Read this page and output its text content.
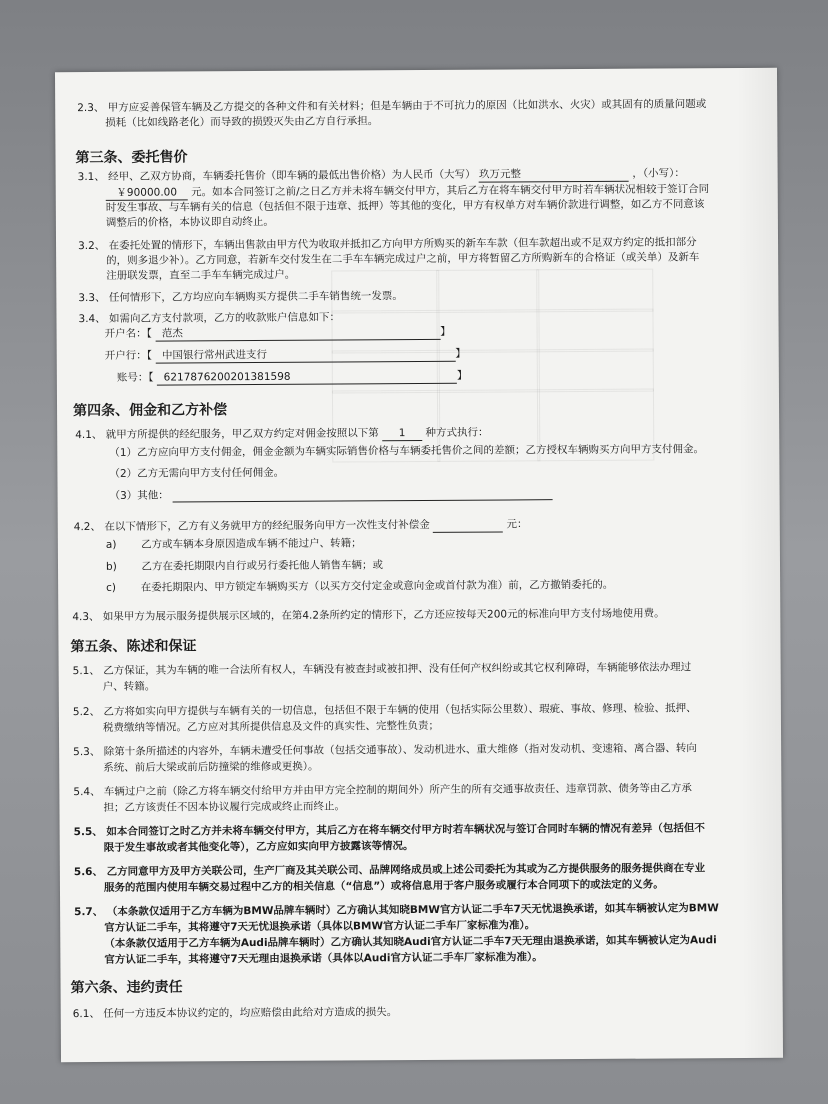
2.3、 甲方应妥善保管车辆及乙方提交的各种文件和有关材料；但是车辆由于不可抗力的原因（比如洪水、火灾）或其固有的质量问题或
损耗（比如线路老化）而导致的损毁灭失由乙方自行承担。
第三条、委托售价
3.1、 经甲、乙双方协商，车辆委托售价（即车辆的最低出售价格）为人民币（大写） 玖万元整	，（小写）：
￥90000.00 元。如本合同签订之前/之日乙方并未将车辆交付甲方，其后乙方在将车辆交付甲方时若车辆状况相较于签订合同
时发生事故、与车辆有关的信息（包括但不限于违章、抵押）等其他的变化，甲方有权单方对车辆价款进行调整，如乙方不同意该
调整后的价格，本协议即自动终止。
3.2、 在委托处置的情形下，车辆出售款由甲方代为收取并抵扣乙方向甲方所购买的新车车款（但车款超出或不足双方约定的抵扣部分
的，则多退少补）。乙方同意，若新车交付发生在二手车车辆完成过户之前，甲方将暂留乙方所购新车的合格证（或关单）及新车
注册联发票，直至二手车车辆完成过户。
3.3、 任何情形下，乙方均应向车辆购买方提供二手车销售统一发票。
3.4、 如需向乙方支付款项，乙方的收款账户信息如下：
开户名：【 范杰	】
开户行：【 中国银行常州武进支行	】
账号：【 6217876200201381598	】
第四条、佣金和乙方补偿
4.1、 就甲方所提供的经纪服务，甲乙双方约定对佣金按照以下第 1 种方式执行：
（1）乙方应向甲方支付佣金，佣金金额为车辆实际销售价格与车辆委托售价之间的差额；乙方授权车辆购买方向甲方支付佣金。
（2）乙方无需向甲方支付任何佣金。
（3）其他：
4.2、 在以下情形下，乙方有义务就甲方的经纪服务向甲方一次性支付补偿金	元：
a) 乙方或车辆本身原因造成车辆不能过户、转籍；
b) 乙方在委托期限内自行或另行委托他人销售车辆；或
c) 在委托期限内、甲方锁定车辆购买方（以买方交付定金或意向金或首付款为准）前，乙方撤销委托的。
4.3、 如果甲方为展示服务提供展示区域的，在第4.2条所约定的情形下，乙方还应按每天200元的标准向甲方支付场地使用费。
第五条、陈述和保证
5.1、 乙方保证，其为车辆的唯一合法所有权人，车辆没有被查封或被扣押、没有任何产权纠纷或其它权利障碍，车辆能够依法办理过
户、转籍。
5.2、 乙方将如实向甲方提供与车辆有关的一切信息，包括但不限于车辆的使用（包括实际公里数）、瑕疵、事故、修理、检验、抵押、
税费缴纳等情况。乙方应对其所提供信息及文件的真实性、完整性负责；
5.3、 除第十条所描述的内容外，车辆未遭受任何事故（包括交通事故）、发动机进水、重大维修（指对发动机、变速箱、离合器、转向
系统、前后大梁或前后防撞梁的维修或更换）。
5.4、 车辆过户之前（除乙方将车辆交付给甲方并由甲方完全控制的期间外）所产生的所有交通事故责任、违章罚款、债务等由乙方承
担；乙方该责任不因本协议履行完成或终止而终止。
5.5、 如本合同签订之时乙方并未将车辆交付甲方，其后乙方在将车辆交付甲方时若车辆状况与签订合同时车辆的情况有差异（包括但不
限于发生事故或者其他变化等），乙方应如实向甲方披露该等情况。
5.6、 乙方同意甲方及甲方关联公司，生产厂商及其关联公司、品牌网络成员或上述公司委托为其或为乙方提供服务的服务提供商在专业
服务的范围内使用车辆交易过程中乙方的相关信息（“信息”）或将信息用于客户服务或履行本合同项下的或法定的义务。
5.7、 （本条款仅适用于乙方车辆为BMW品牌车辆时）乙方确认其知晓BMW官方认证二手车7天无忧退换承诺，如其车辆被认定为BMW
官方认证二手车，其将遵守7天无忧退换承诺（具体以BMW官方认证二手车厂家标准为准）。
（本条款仅适用于乙方车辆为Audi品牌车辆时）乙方确认其知晓Audi官方认证二手车7天无理由退换承诺，如其车辆被认定为Audi
官方认证二手车，其将遵守7天无理由退换承诺（具体以Audi官方认证二手车厂家标准为准）。
第六条、违约责任
6.1、 任何一方违反本协议约定的，均应赔偿由此给对方造成的损失。
